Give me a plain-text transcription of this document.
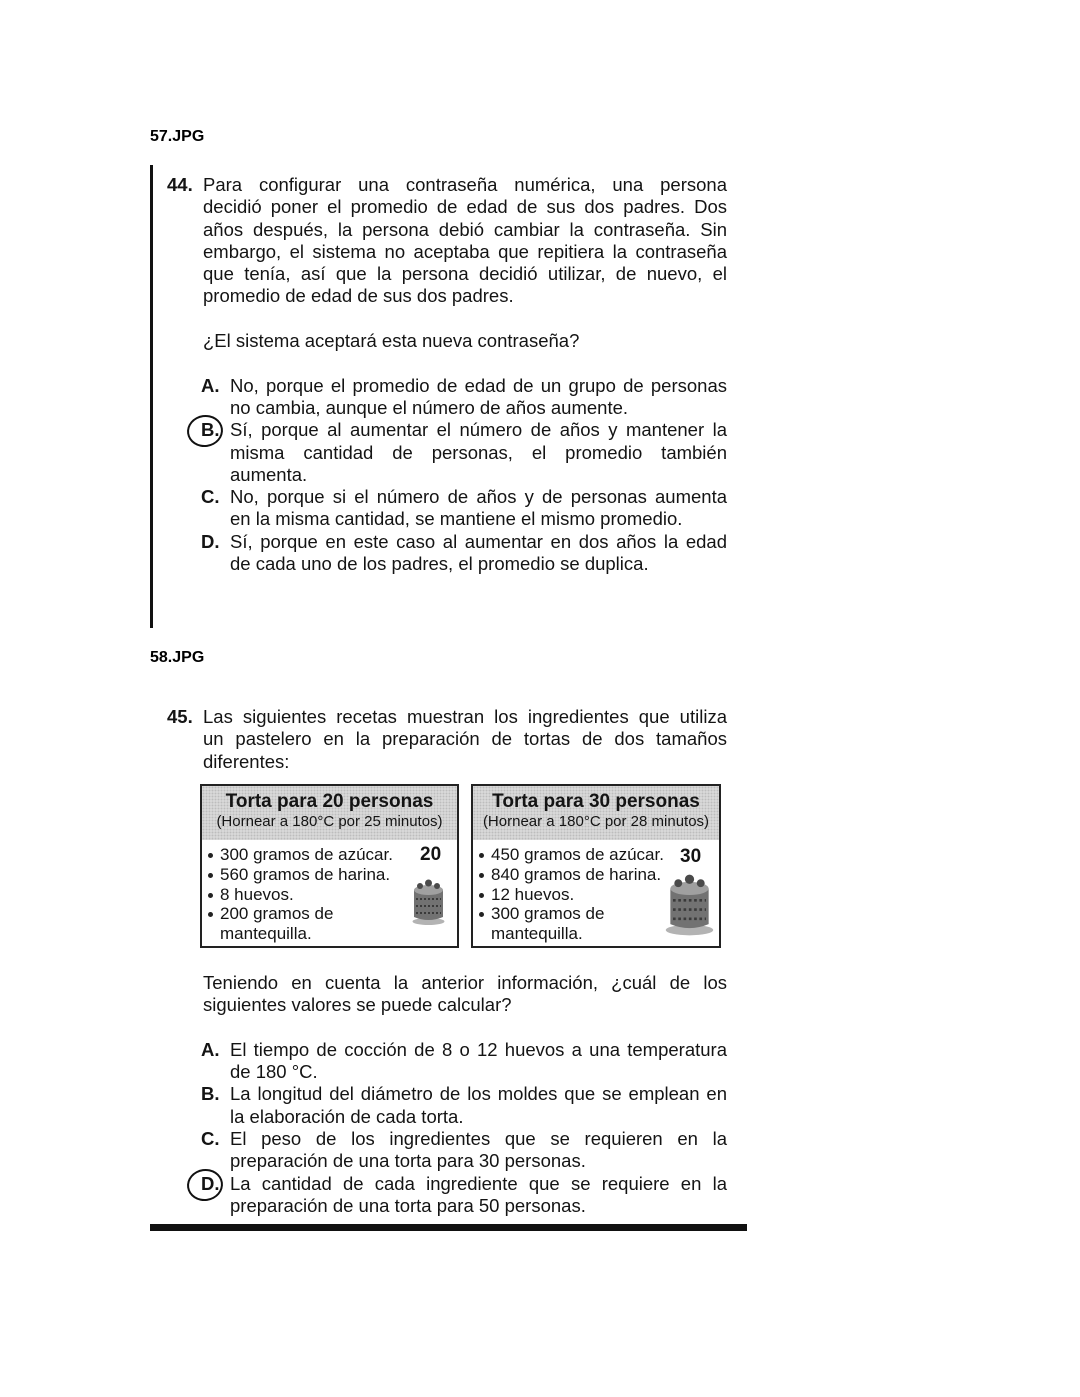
57.JPG
44. Para configurar una contraseña numérica, una persona
decidió poner el promedio de edad de sus dos padres. Dos
años después, la persona debió cambiar la contraseña. Sin
embargo, el sistema no aceptaba que repitiera la contraseña
que tenía, así que la persona decidió utilizar, de nuevo, el
promedio de edad de sus dos padres.
¿El sistema aceptará esta nueva contraseña?
A. No, porque el promedio de edad de un grupo de personas
no cambia, aunque el número de años aumente.
B. Sí, porque al aumentar el número de años y mantener la
misma cantidad de personas, el promedio también
aumenta.
C. No, porque si el número de años y de personas aumenta
en la misma cantidad, se mantiene el mismo promedio.
D. Sí, porque en este caso al aumentar en dos años la edad
de cada uno de los padres, el promedio se duplica.
58.JPG
45. Las siguientes recetas muestran los ingredientes que utiliza
un pastelero en la preparación de tortas de dos tamaños
diferentes:
Torta para 20 personas
(Hornear a 180°C por 25 minutos)
300 gramos de azúcar.
560 gramos de harina.
8 huevos.
200 gramos de
mantequilla.
20
Torta para 30 personas
(Hornear a 180°C por 28 minutos)
450 gramos de azúcar.
840 gramos de harina.
12 huevos.
300 gramos de
mantequilla.
30
Teniendo en cuenta la anterior información, ¿cuál de los
siguientes valores se puede calcular?
A. El tiempo de cocción de 8 o 12 huevos a una temperatura
de 180 °C.
B. La longitud del diámetro de los moldes que se emplean en
la elaboración de cada torta.
C. El peso de los ingredientes que se requieren en la
preparación de una torta para 30 personas.
D. La cantidad de cada ingrediente que se requiere en la
preparación de una torta para 50 personas.
